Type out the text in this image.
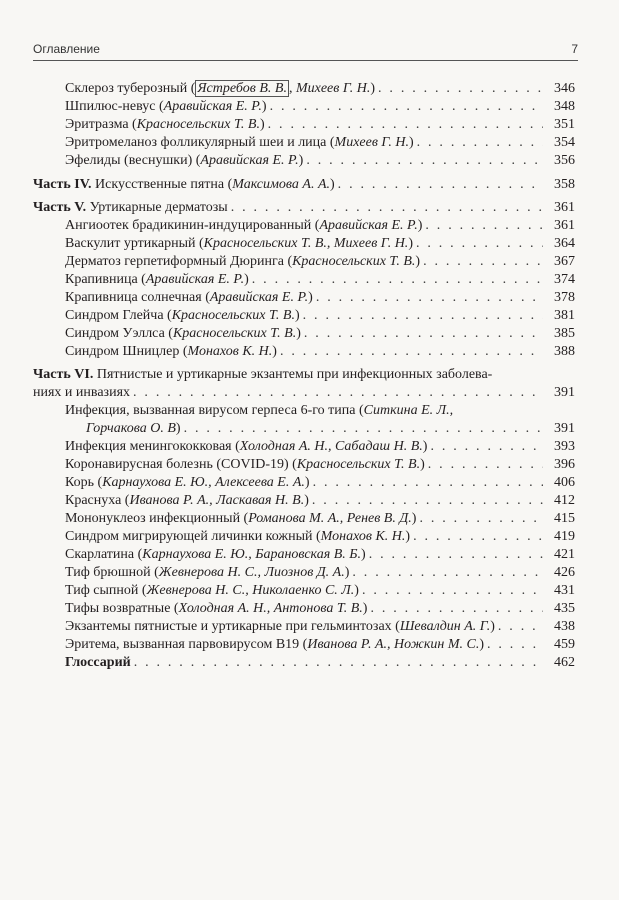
Оглавление	7
Склероз туберозный ( Ястребов В. В. , Михеев Г. Н.) . . .	346
Шпилюс-невус (Аравийская Е. Р.) . . .	348
Эритразма (Красносельских Т. В.) . . .	351
Эритромеланоз фолликулярный шеи и лица (Михеев Г. Н.) . . .	354
Эфелиды (веснушки) (Аравийская Е. Р.) . . .	356
Часть IV. Искусственные пятна (Максимова А. А.) . . .	358
Часть V. Уртикарные дерматозы . . .	361
Ангиоотек брадикинин-индуцированный (Аравийская Е. Р.) . . .	361
Васкулит уртикарный (Красносельских Т. В., Михеев Г. Н.) . . .	364
Дерматоз герпетиформный Дюринга (Красносельских Т. В.) . . .	367
Крапивница (Аравийская Е. Р.) . . .	374
Крапивница солнечная (Аравийская Е. Р.) . . .	378
Синдром Глейча (Красносельских Т. В.) . . .	381
Синдром Уэллса (Красносельских Т. В.) . . .	385
Синдром Шницлер (Монахов К. Н.) . . .	388
Часть VI. Пятнистые и уртикарные экзантемы при инфекционных заболева-
ниях и инвазиях . . .	391
Инфекция, вызванная вирусом герпеса 6-го типа (Ситкина Е. Л.,
Горчакова О. В) . . .	391
Инфекция менингококковая (Холодная А. Н., Сабадаш Н. В.) . . .	393
Коронавирусная болезнь (COVID-19) (Красносельских Т. В.) . . .	396
Корь (Карнаухова Е. Ю., Алексеева Е. А.) . . .	406
Краснуха (Иванова Р. А., Ласкавая Н. В.) . . .	412
Мононуклеоз инфекционный (Романова М. А., Ренев В. Д.) . . .	415
Синдром мигрирующей личинки кожный (Монахов К. Н.) . . .	419
Скарлатина (Карнаухова Е. Ю., Барановская В. Б.) . . .	421
Тиф брюшной (Жевнерова Н. С., Лиознов Д. А.) . . .	426
Тиф сыпной (Жевнерова Н. С., Николаенко С. Л.) . . .	431
Тифы возвратные (Холодная А. Н., Антонова Т. В.) . . .	435
Экзантемы пятнистые и уртикарные при гельминтозах (Шевалдин А. Г.) . . .	438
Эритема, вызванная парвовирусом B19 (Иванова Р. А., Ножкин М. С.) . . .	459
Глоссарий . . .	462
